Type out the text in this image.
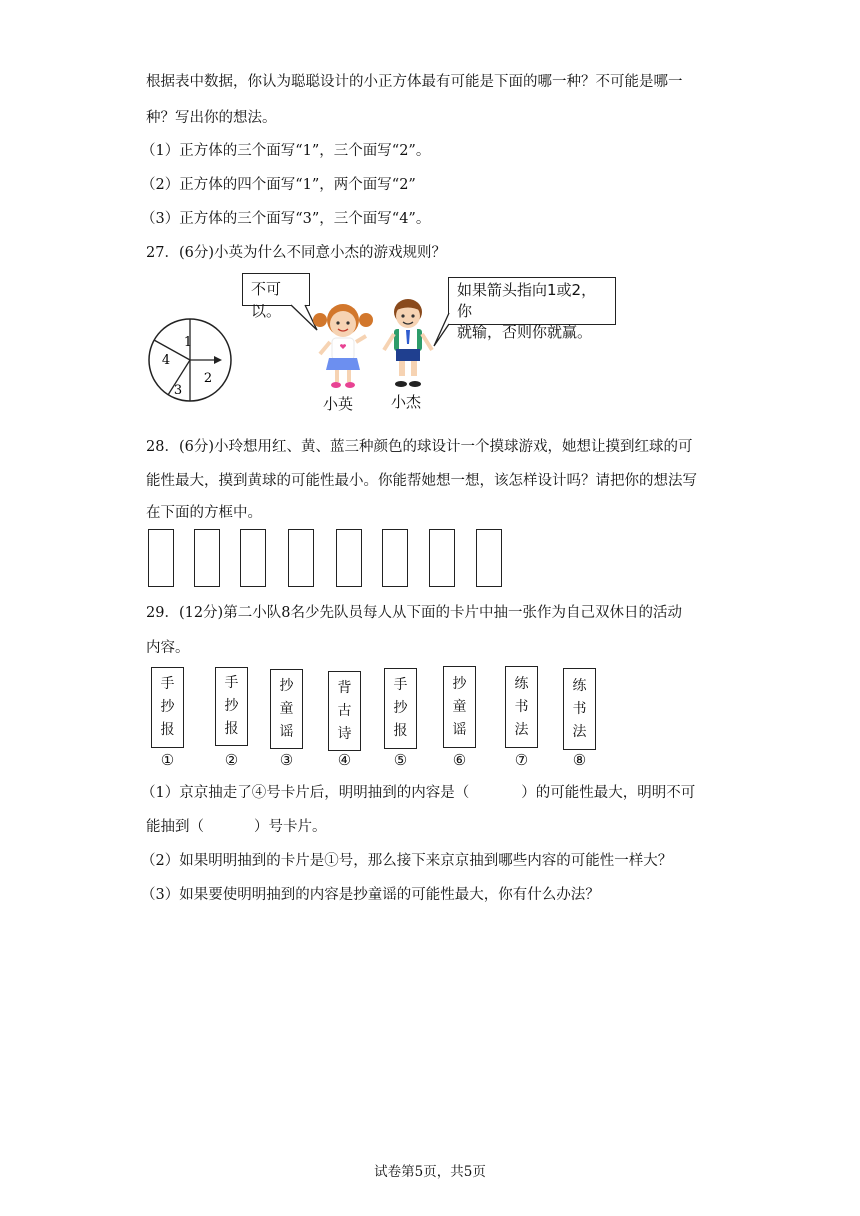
根据表中数据，你认为聪聪设计的小正方体最有可能是下面的哪一种？不可能是哪一
种？写出你的想法。
（1）正方体的三个面写“1”，三个面写“2”。
（2）正方体的四个面写“1”，两个面写“2”
（3）正方体的三个面写“3”，三个面写“4”。
27．(6分)小英为什么不同意小杰的游戏规则？
1
2
3
4
不可以。
如果箭头指向1或2，你
就输，否则你就赢。
小英	小杰
28．(6分)小玲想用红、黄、蓝三种颜色的球设计一个摸球游戏，她想让摸到红球的可
能性最大，摸到黄球的可能性最小。你能帮她想一想，该怎样设计吗？请把你的想法写
在下面的方框中。
29．(12分)第二小队8名少先队员每人从下面的卡片中抽一张作为自己双休日的活动
内容。
手
抄
报
手
抄
报
抄
童
谣
背
古
诗
手
抄
报
抄
童
谣
练
书
法
练
书
法
①	②	③	④	⑤	⑥	⑦	⑧
（1）京京抽走了④号卡片后，明明抽到的内容是（	）的可能性最大，明明不可
能抽到（	）号卡片。
（2）如果明明抽到的卡片是①号，那么接下来京京抽到哪些内容的可能性一样大？
（3）如果要使明明抽到的内容是抄童谣的可能性最大，你有什么办法？
试卷第5页，共5页
